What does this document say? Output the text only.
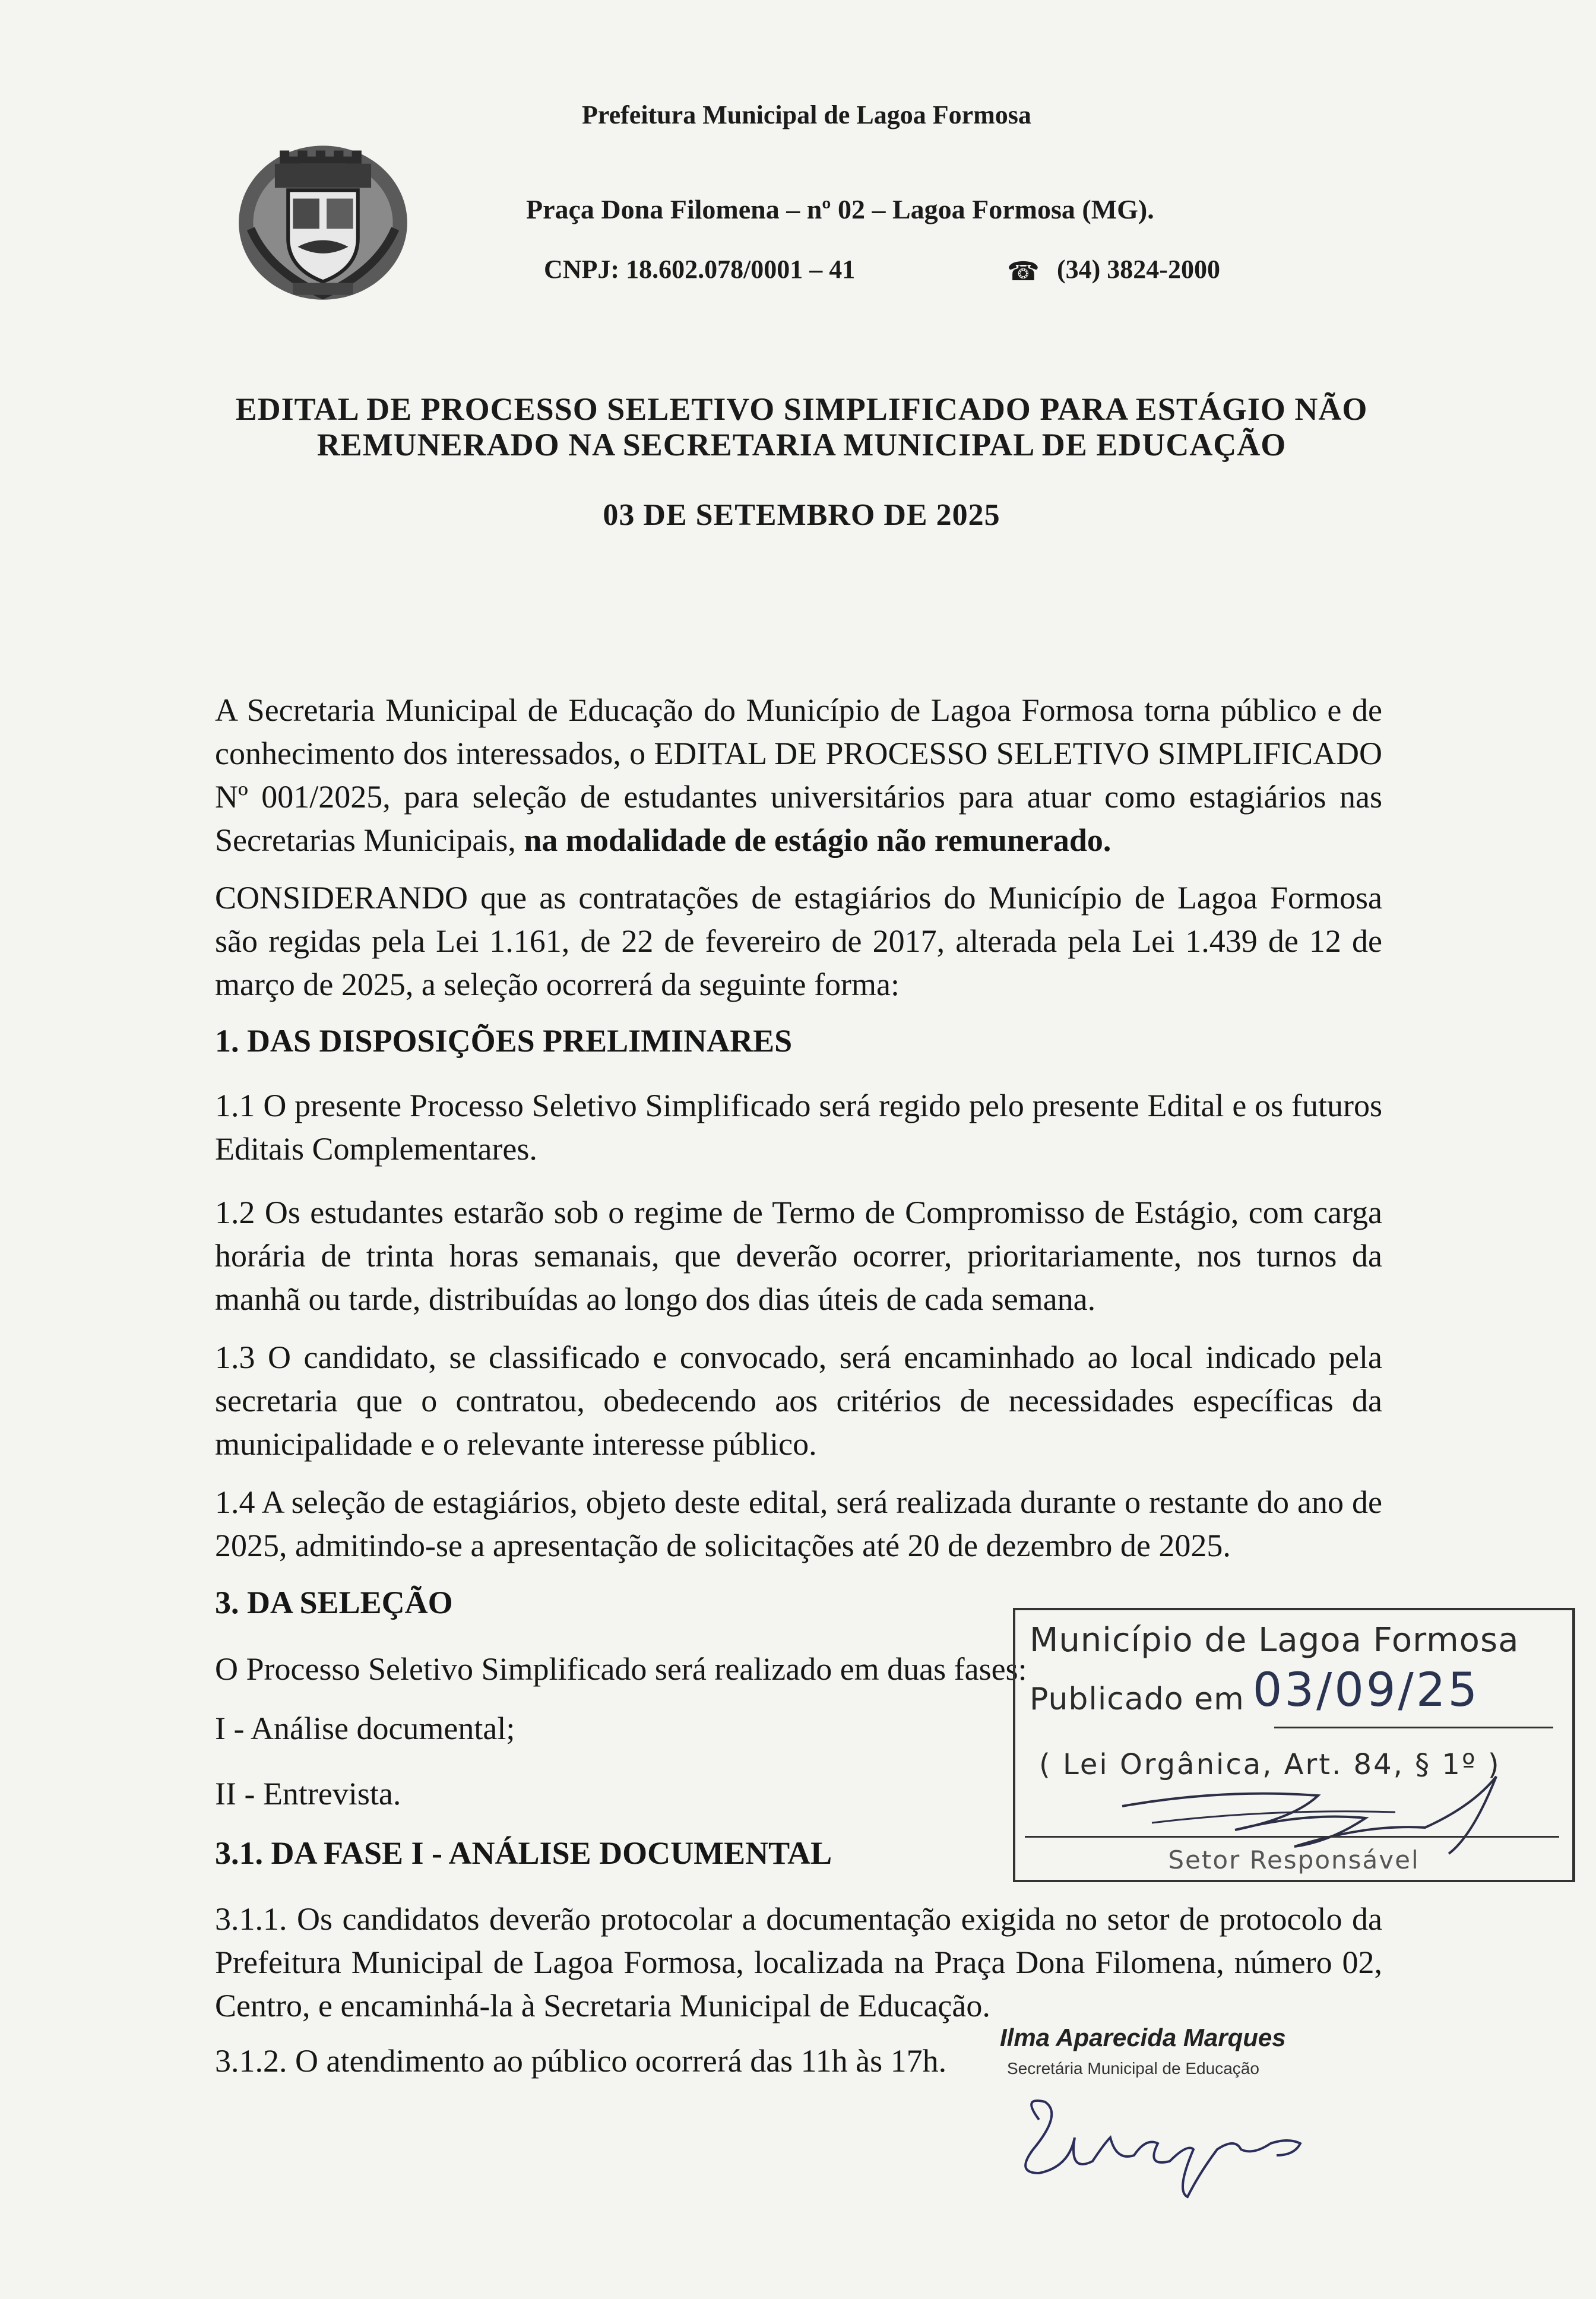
Prefeitura Municipal de Lagoa Formosa
Praça Dona Filomena – nº 02 – Lagoa Formosa (MG).
CNPJ: 18.602.078/0001 – 41	☎ (34) 3824-2000
EDITAL DE PROCESSO SELETIVO SIMPLIFICADO PARA ESTÁGIO NÃO
REMUNERADO NA SECRETARIA MUNICIPAL DE EDUCAÇÃO
03 DE SETEMBRO DE 2025
A Secretaria Municipal de Educação do Município de Lagoa Formosa torna público e de conhecimento dos interessados, o EDITAL DE PROCESSO SELETIVO SIMPLIFICADO Nº 001/2025, para seleção de estudantes universitários para atuar como estagiários nas Secretarias Municipais, na modalidade de estágio não remunerado.
CONSIDERANDO que as contratações de estagiários do Município de Lagoa Formosa são regidas pela Lei 1.161, de 22 de fevereiro de 2017, alterada pela Lei 1.439 de 12 de março de 2025, a seleção ocorrerá da seguinte forma:
1. DAS DISPOSIÇÕES PRELIMINARES
1.1 O presente Processo Seletivo Simplificado será regido pelo presente Edital e os futuros Editais Complementares.
1.2 Os estudantes estarão sob o regime de Termo de Compromisso de Estágio, com carga horária de trinta horas semanais, que deverão ocorrer, prioritariamente, nos turnos da manhã ou tarde, distribuídas ao longo dos dias úteis de cada semana.
1.3 O candidato, se classificado e convocado, será encaminhado ao local indicado pela secretaria que o contratou, obedecendo aos critérios de necessidades específicas da municipalidade e o relevante interesse público.
1.4 A seleção de estagiários, objeto deste edital, será realizada durante o restante do ano de 2025, admitindo-se a apresentação de solicitações até 20 de dezembro de 2025.
3. DA SELEÇÃO
O Processo Seletivo Simplificado será realizado em duas fases:
I - Análise documental;
II - Entrevista.
3.1. DA FASE I - ANÁLISE DOCUMENTAL
3.1.1. Os candidatos deverão protocolar a documentação exigida no setor de protocolo da Prefeitura Municipal de Lagoa Formosa, localizada na Praça Dona Filomena, número 02, Centro, e encaminhá-la à Secretaria Municipal de Educação.
3.1.2. O atendimento ao público ocorrerá das 11h às 17h.
Município de Lagoa Formosa
Publicado em 03/09/25
( Lei Orgânica, Art. 84, § 1º )
Setor Responsável
Ilma Aparecida Marques
Secretária Municipal de Educação
